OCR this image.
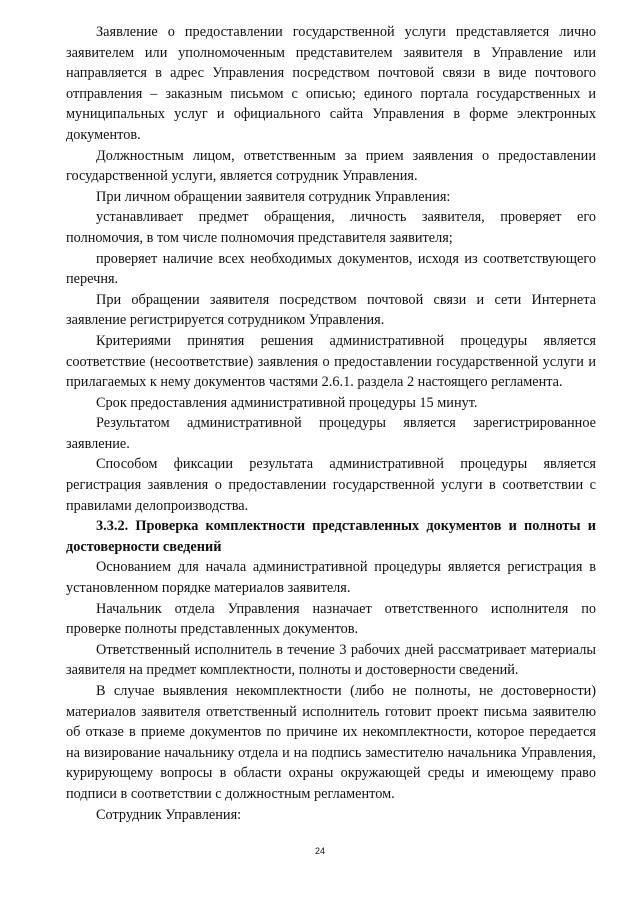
Заявление о предоставлении государственной услуги представляется лично заявителем или уполномоченным представителем заявителя в Управление или направляется в адрес Управления посредством почтовой связи в виде почтового отправления – заказным письмом с описью; единого портала государственных и муниципальных услуг и официального сайта Управления в форме электронных документов.

Должностным лицом, ответственным за прием заявления о предоставлении государственной услуги, является сотрудник Управления.

При личном обращении заявителя сотрудник Управления:

устанавливает предмет обращения, личность заявителя, проверяет его полномочия, в том числе полномочия представителя заявителя;

проверяет наличие всех необходимых документов, исходя из соответствующего перечня.

При обращении заявителя посредством почтовой связи и сети Интернета заявление регистрируется сотрудником Управления.

Критериями принятия решения административной процедуры является соответствие (несоответствие) заявления о предоставлении государственной услуги и прилагаемых к нему документов частями 2.6.1. раздела 2 настоящего регламента.

Срок предоставления административной процедуры 15 минут.

Результатом административной процедуры является зарегистрированное заявление.

Способом фиксации результата административной процедуры является регистрация заявления о предоставлении государственной услуги в соответствии с правилами делопроизводства.

3.3.2. Проверка комплектности представленных документов и полноты и достоверности сведений

Основанием для начала административной процедуры является регистрация в установленном порядке материалов заявителя.

Начальник отдела Управления назначает ответственного исполнителя по проверке полноты представленных документов.

Ответственный исполнитель в течение 3 рабочих дней рассматривает материалы заявителя на предмет комплектности, полноты и достоверности сведений.

В случае выявления некомплектности (либо не полноты, не достоверности) материалов заявителя ответственный исполнитель готовит проект письма заявителю об отказе в приеме документов по причине их некомплектности, которое передается на визирование начальнику отдела и на подпись заместителю начальника Управления, курирующему вопросы в области охраны окружающей среды и имеющему право подписи в соответствии с должностным регламентом.

Сотрудник Управления:

24
